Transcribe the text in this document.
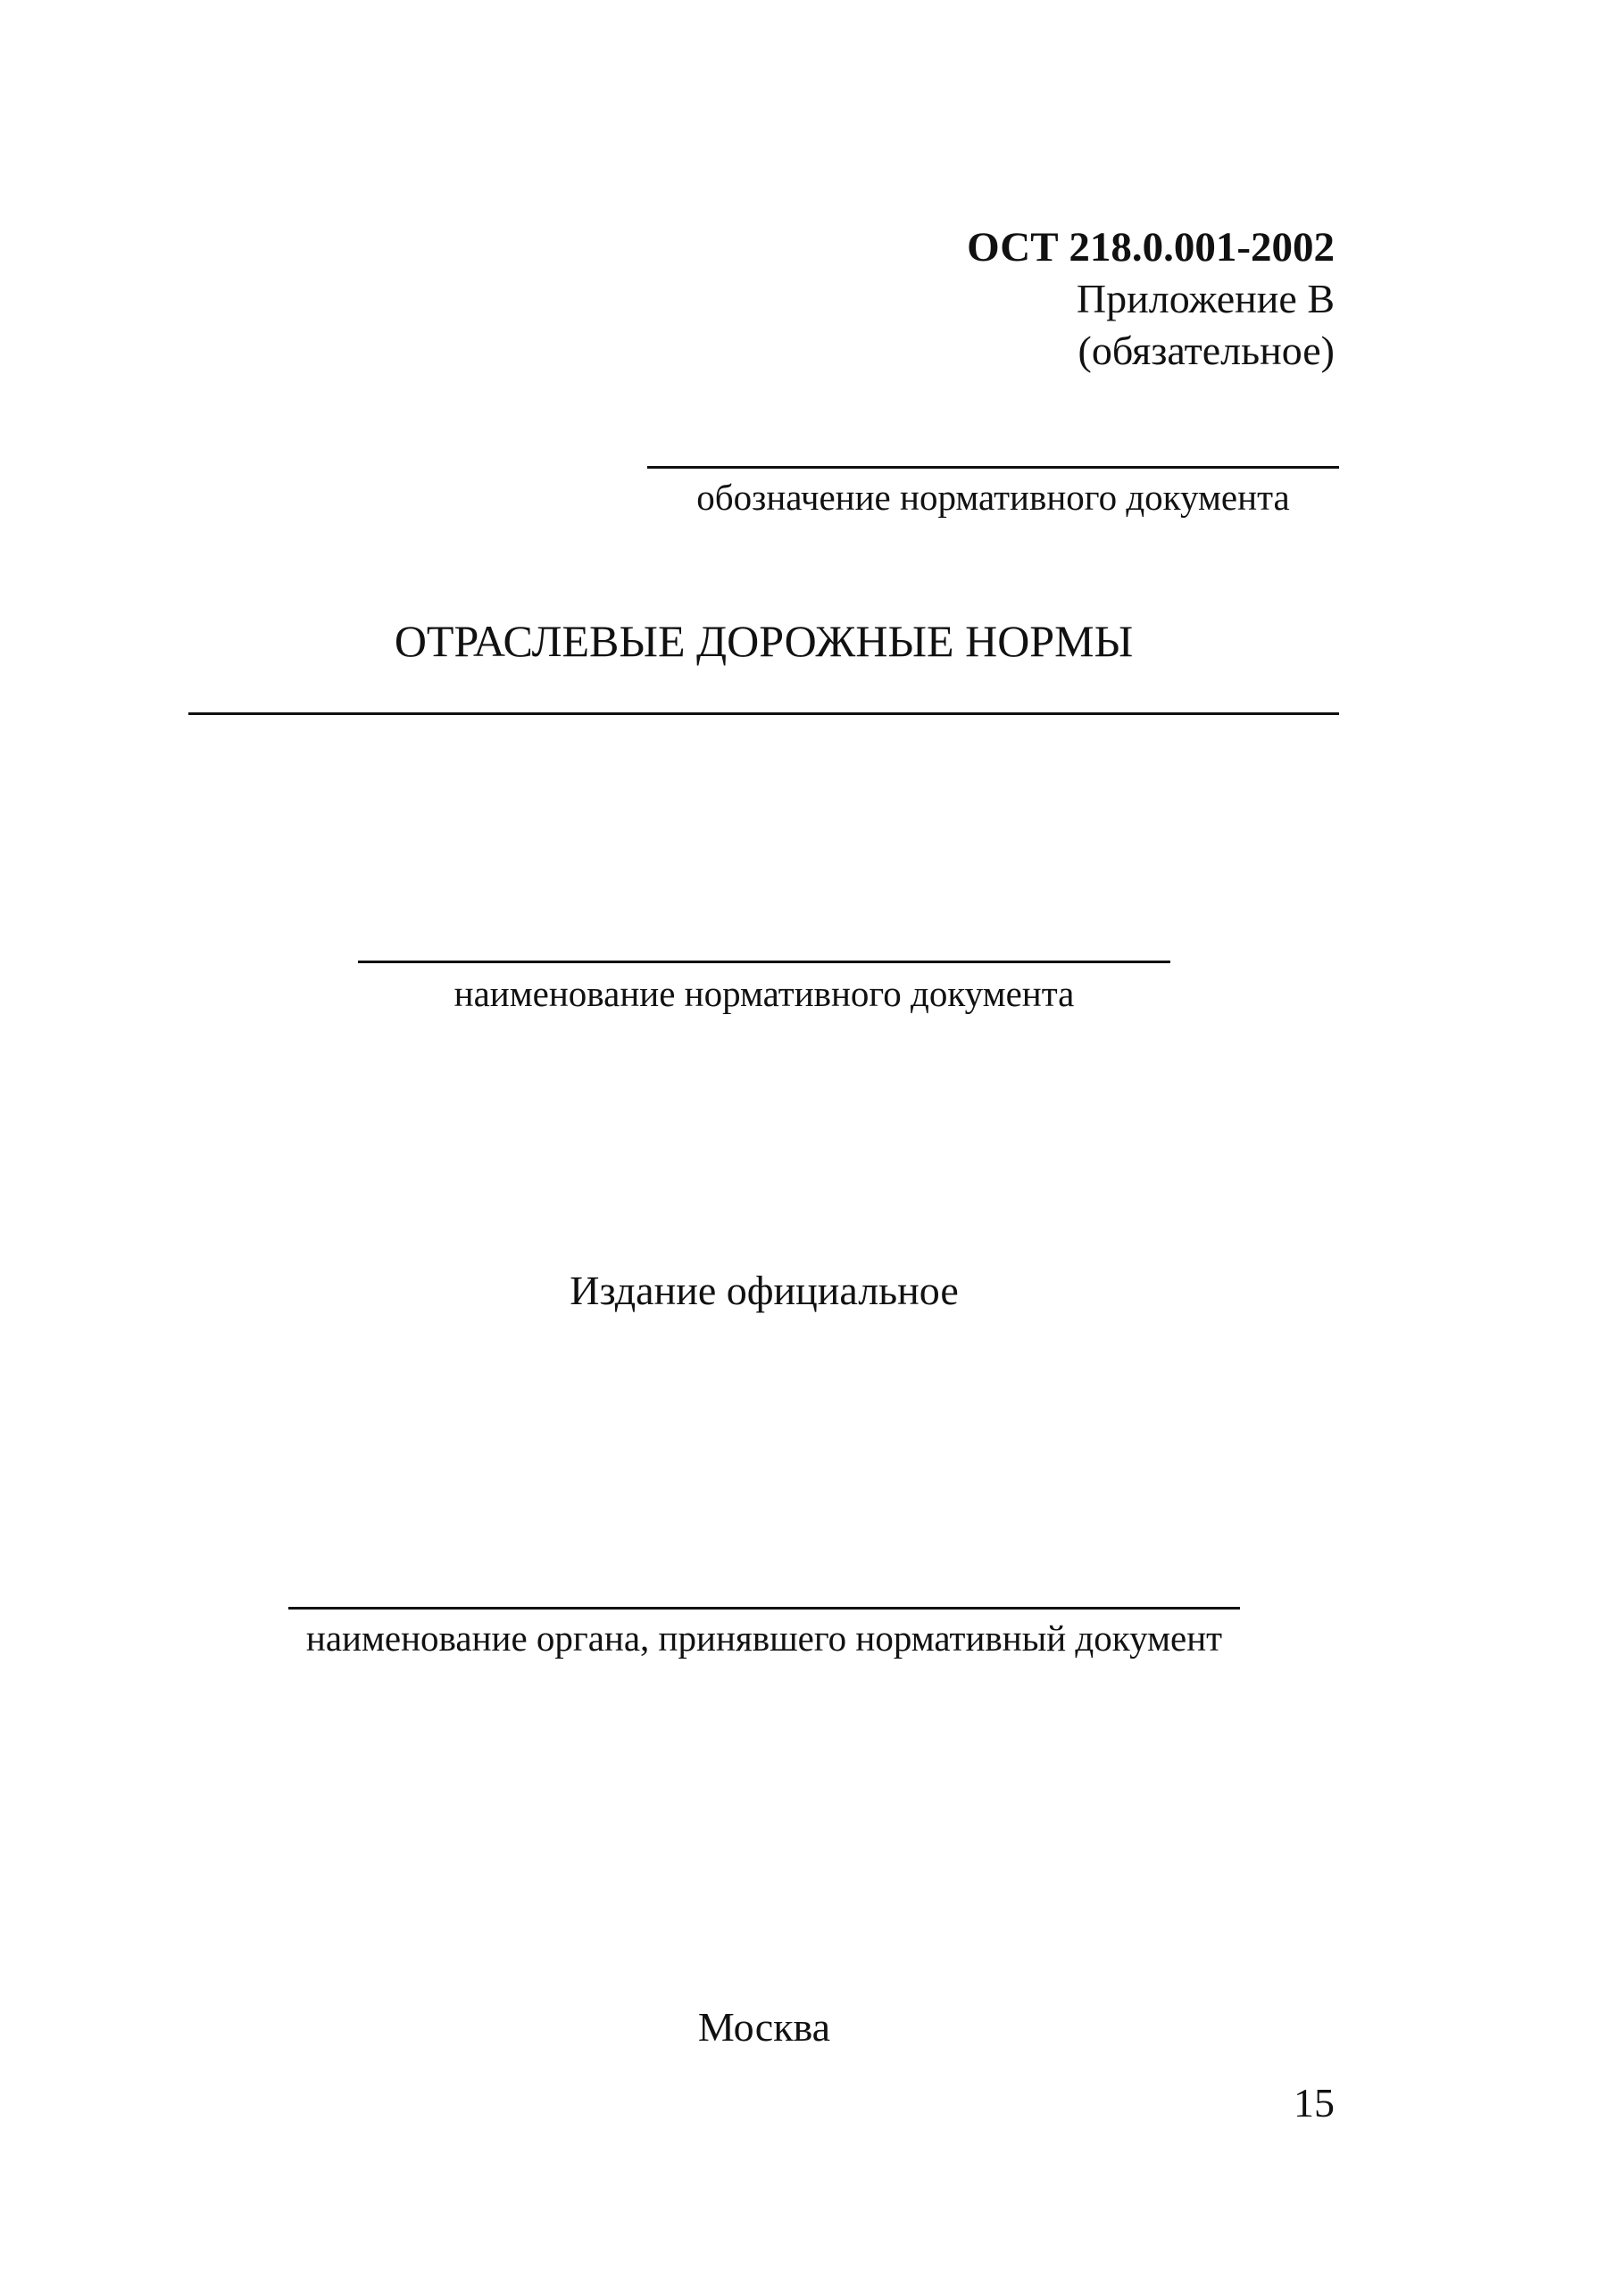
ОСТ 218.0.001-2002
Приложение В
(обязательное)
обозначение нормативного документа
ОТРАСЛЕВЫЕ ДОРОЖНЫЕ НОРМЫ
наименование нормативного документа
Издание официальное
наименование органа, принявшего нормативный документ
Москва
15
